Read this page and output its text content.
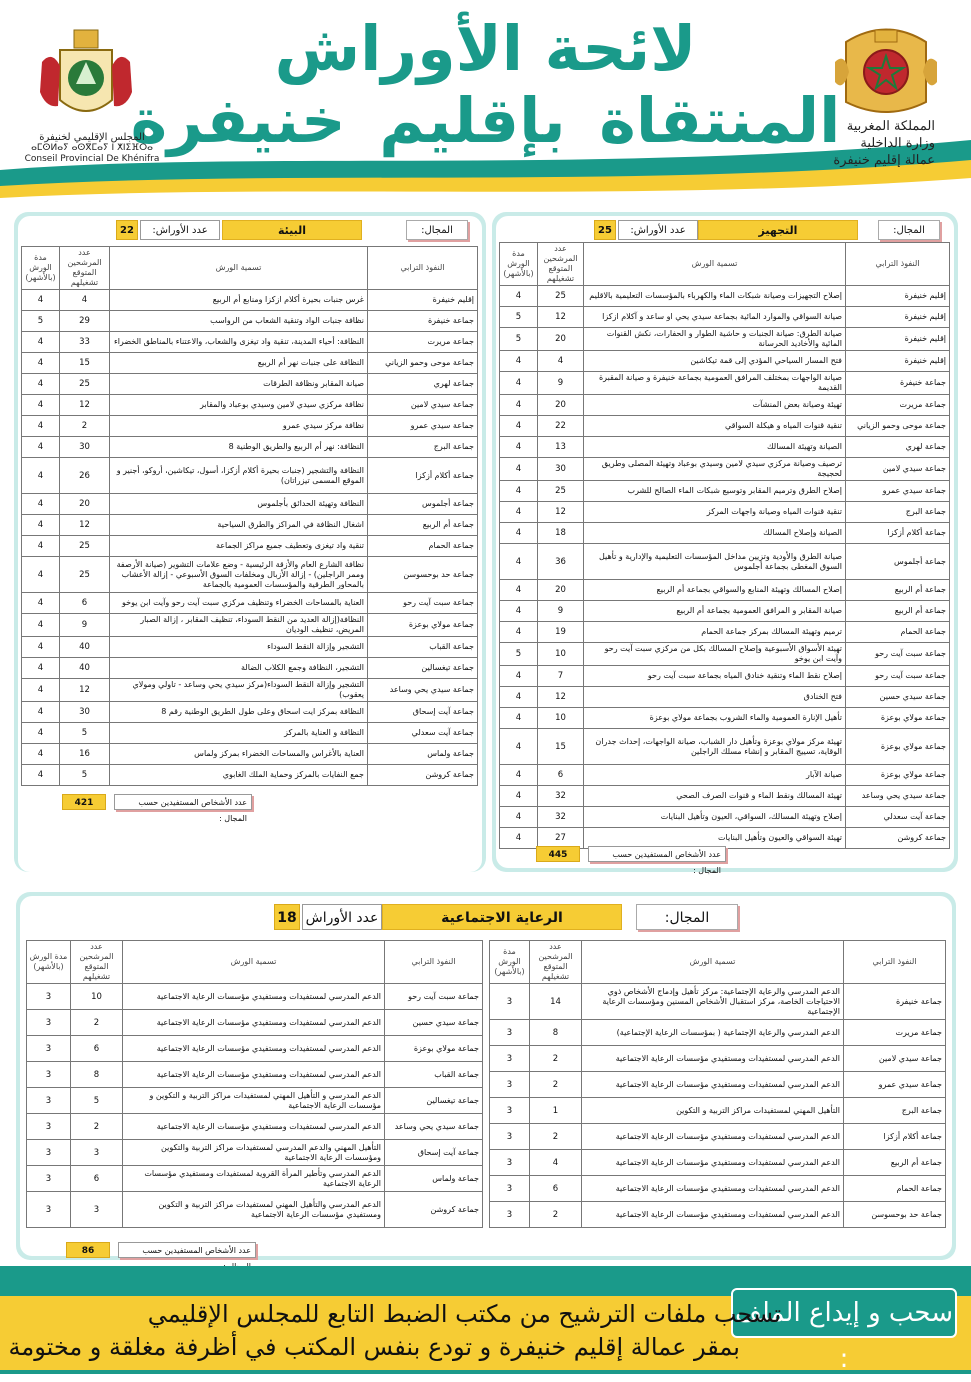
لائحة الأوراش
المنتقاة بإقليم خنيفرة المملكة المغربية
وزارة الداخلية
عمالة إقليم خنيفرة
المجلس الإقليمي لخنيفرة
ⴰⵎⵙⵍⴰⵢ ⴰⵙⴳⵎⴰⵢ ⵏ ⵅⵏⵉⴼⵔⴰ
Conseil Provincial De Khénifra
المجال:
التجهيز
عدد الأوراش:
25
النفوذ الترابي	تسمية الورش	عدد المرشحين المتوقع تشغيلهم	مدة الورش (بالأشهر)
إقليم خنيفرة	إصلاح التجهيزات وصيانة شبكات الماء والكهرباء بالمؤسسات التعليمية بالاقليم	25	4
إقليم خنيفرة	صيانة السواقي والموارد المائية بجماعة سيدي يحي او ساعد و آكلام ازكزا	12	5
إقليم خنيفرة	صيانة الطرق: صيانة الجنبات و حاشية الطوار و الحفارات، نكش القنوات المائية والأخاديد الحرسانة	20	5
إقليم خنيفرة	فتح المسار السياحي المؤدي إلى قمة تيكاشين	4	4
جماعة خنيفرة	صيانة الواجهات بمختلف المرافق العمومية بجماعة خنيفرة و صيانة المقبرة القديمة	9	4
جماعة مريرت	تهيئة وصيانة بعض المنشآت	20	4
جماعة موحى وحمو الزياني	تنقية قنوات المياه و هيكلة السواقي	22	4
جماعة لهري	الصيانة وتهيئة المسالك	13	4
جماعة سيدي لامين	ترصيف وصيانة مركزي سيدي لامين وسيدي بوعباد وتهيئة المصلى وطريق لحجيجة	30	4
جماعة سيدي عمرو	إصلاح الطرق وترميم المقابر وتوسيع شبكات الماء الصالح للشرب	25	4
جماعة البرج	تنقية قنوات المياه وصيانة واجهات المركز	12	4
جماعة أكلام أزكزا	الصيانة وإصلاح المسالك	18	4
جماعة أجلموس	صيانة الطرق والأودية وتزيين مداخل المؤسسات التعليمية والإدارية و تأهيل السوق المغطى بجماعة أجلموس	36	4
جماعة أم الربيع	إصلاح المسالك وتهيئة المنابع والسواقي بجماعة أم الربيع	20	4
جماعة أم الربيع	صيانة المقابر و المرافق العمومية بجماعة أم الربيع	9	4
جماعة الحمام	ترميم وتهيئة المسالك بمركز جماعة الحمام	19	4
جماعة سبت آيت رحو	تهيئة الأسواق الأسبوعية وإصلاح المسالك بكل من مركزي سبت آيت رحو وآيت ابن يوخو	10	5
جماعة سبت آيت رحو	إصلاح نقط الماء وتنقية خنادق المياه بجماعة سبت آيت رحو	7	4
جماعة سيدي حسين	فتح الخنادق	12	4
جماعة مولاي بوعزة	تأهيل الإنارة العمومية والماء الشروب بجماعة مولاي بوعزة	10	4
جماعة مولاي بوعزة	تهيئة مركز مولاي بوعزة وتأهيل دار الشباب، صيانة الواجهات، إحداث جدران الوقاية، تسييج المقابر و إنشاء مسلك الراجلين	15	4
جماعة مولاي بوعزة	صيانة الآبار	6	4
جماعة سيدي يحي وساعد	تهيئة المسالك ونقط الماء و قنوات الصرف الصحي	32	4
جماعة آيت سعدلي	إصلاح وتهيئة المسالك، السواقي، العيون وتأهيل البنايات	32	4
جماعة كروشن	تهيئة السواقي والعيون وتأهيل البنايات	27	4
عدد الأشخاص المستفيدين حسب المجال :
445
المجال:
البيئة
عدد الأوراش:
22
النفوذ الترابي	تسمية الورش	عدد المرشحين المتوقع تشغيلهم	مدة الورش (بالأشهر)
إقليم خنيفرة	غرس جنبات بحيرة أكلام ازكزا ومنابع أم الربيع	4	4
جماعة خنيفرة	نظافة جنبات الواد وتنقية الشعاب من الرواسب	29	5
جماعة مريرت	النظافة: أحياء المدينة، تنقية واد تيغزى والشعاب، والاعتناء بالمناطق الخضراء	33	4
جماعة موحى وحمو الزياني	النظافة على جنبات نهر أم الربيع	15	4
جماعة لهري	صيانة المقابر ونظافة الطرقات	25	4
جماعة سيدي لامين	نظافة مركزي سيدي لامين وسيدي بوعباد والمقابر	12	4
جماعة سيدي عمرو	نظافة مركز سيدي عمرو	2	4
جماعة البرج	النظافة: نهر أم الربيع والطريق الوطنية 8	30	4
جماعة أكلام أزكزا	النظافة والتشجير (جنبات بحيرة أكلام أزكزا، أسول، تيكاشين، أروكو، أجنير و الموقع المسمى تيزراتان)	26	4
جماعة أجلموس	النظافة وتهيئة الحدائق بأجلموس	20	4
جماعة أم الربيع	اشغال النظافة في المراكز والطرق السياحية	12	4
جماعة الحمام	تنقية واد تيغزى وتعطيف جميع مراكز الجماعة	25	4
جماعة حد بوحسوسن	نظافة الشارع العام والأزقة الرئيسية - وضع علامات التشوير (صيانة الأرصفة وممر الراجلين) - إزالة الأزبال ومخلفات السوق الأسبوعي - إزالة الأعشاب بالمحاور الطرقية والمؤسسات العمومية بالجماعة	25	4
جماعة سبت آيت رحو	العناية بالمساحات الخضراء وتنظيف مركزي سبت آيت رحو وآيت ابن يوخو	6	4
جماعة مولاي بوعزة	النظافة(إزالة العديد من النقط السوداء، تنظيف المقابر ، إزالة الصبار المريض، تنظيف الوديان	9	4
جماعة القباب	التشجير وإزالة النقط السوداء	40	4
جماعة تيغسالين	التشجير، النظافة وجمع الكلاب الضالة	40	4
جماعة سيدي يحي وساعد	التشجير وإزالة النقط السوداء(مركز سيدي يحي وساعد - تاولي ومولاي يعقوب)	12	4
جماعة آيت إسحاق	النظافة بمركز ايت اسحاق وعلى طول الطريق الوطنية رقم 8	30	4
جماعة آيت سعدلي	النظافة و العناية بالمركز	5	4
جماعة ولماس	العناية بالأغراس والمساحات الخضراء بمركز ولماس	16	4
جماعة كروشن	جمع النفايات بالمركز وحماية الملك الغابوي	5	4
عدد الأشخاص المستفيدين حسب المجال :
421
المجال:
الرعاية الاجتماعية
عدد الأوراش
18
النفوذ الترابي	تسمية الورش	عدد المرشحين المتوقع تشغيلهم	مدة الورش (بالأشهر)
جماعة خنيفرة	الدعم المدرسي والرعاية الإجتماعية: مركز تأهيل وإدماج الأشخاص ذوي الاحتياجات الخاصة، مركز استقبال الأشخاص المسنين ومؤسسات الرعاية الإجتماعية	14	3
جماعة مريرت	الدعم المدرسي والرعاية الإجتماعية ( بمؤسسات الرعاية الإجتماعية)	8	3
جماعة سيدي لامين	الدعم المدرسي لمستفيدات ومستفيدي مؤسسات الرعاية الاجتماعية	2	3
جماعة سيدي عمرو	الدعم المدرسي لمستفيدات ومستفيدي مؤسسات الرعاية الاجتماعية	2	3
جماعة البرج	التأهيل المهني لمستفيدات مراكز التربية و التكوين	1	3
جماعة أكلام أزكزا	الدعم المدرسي لمستفيدات ومستفيدي مؤسسات الرعاية الاجتماعية	2	3
جماعة أم الربيع	الدعم المدرسي لمستفيدات ومستفيدي مؤسسات الرعاية الاجتماعية	4	3
جماعة الحمام	الدعم المدرسي لمستفيدات ومستفيدي مؤسسات الرعاية الاجتماعية	6	3
جماعة حد بوحسوسن	الدعم المدرسي لمستفيدات ومستفيدي مؤسسات الرعاية الاجتماعية	2	3
النفوذ الترابي	تسمية الورش	عدد المرشحين المتوقع تشغيلهم	مدة الورش (بالأشهر)
جماعة سبت آيت رحو	الدعم المدرسي لمستفيدات ومستفيدي مؤسسات الرعاية الاجتماعية	10	3
جماعة سيدي حسين	الدعم المدرسي لمستفيدات ومستفيدي مؤسسات الرعاية الاجتماعية	2	3
جماعة مولاي بوعزة	الدعم المدرسي لمستفيدات ومستفيدي مؤسسات الرعاية الاجتماعية	6	3
جماعة القباب	الدعم المدرسي لمستفيدات ومستفيدي مؤسسات الرعاية الاجتماعية	8	3
جماعة تيغسالين	الدعم المدرسي و التأهيل المهني لمستفيدات مراكز التربية و التكوين و مؤسسات الرعاية الاجتماعية	5	3
جماعة سيدي يحي وساعد	الدعم المدرسي لمستفيدات ومستفيدي مؤسسات الرعاية الاجتماعية	2	3
جماعة آيت إسحاق	التأهيل المهني والدعم المدرسي لمستفيدات مراكز التربية والتكوين ومؤسسات الرعاية الاجتماعية	3	3
جماعة ولماس	الدعم المدرسي وتأطير المرأة القروية لمستفيدات ومستفيدي مؤسسات الرعاية الاجتماعية	6	3
جماعة كروشن	الدعم المدرسي والتأهيل المهني لمستفيدات مراكز التربية و التكوين ومستفيدي مؤسسات الرعاية الاجتماعية	3	3
عدد الأشخاص المستفيدين حسب
86
سحب و إيداع الملف :
تسحب ملفات الترشيح من مكتب الضبط التابع للمجلس الإقليمي
بمقر عمالة إقليم خنيفرة و تودع بنفس المكتب في أظرفة مغلقة و مختومة
